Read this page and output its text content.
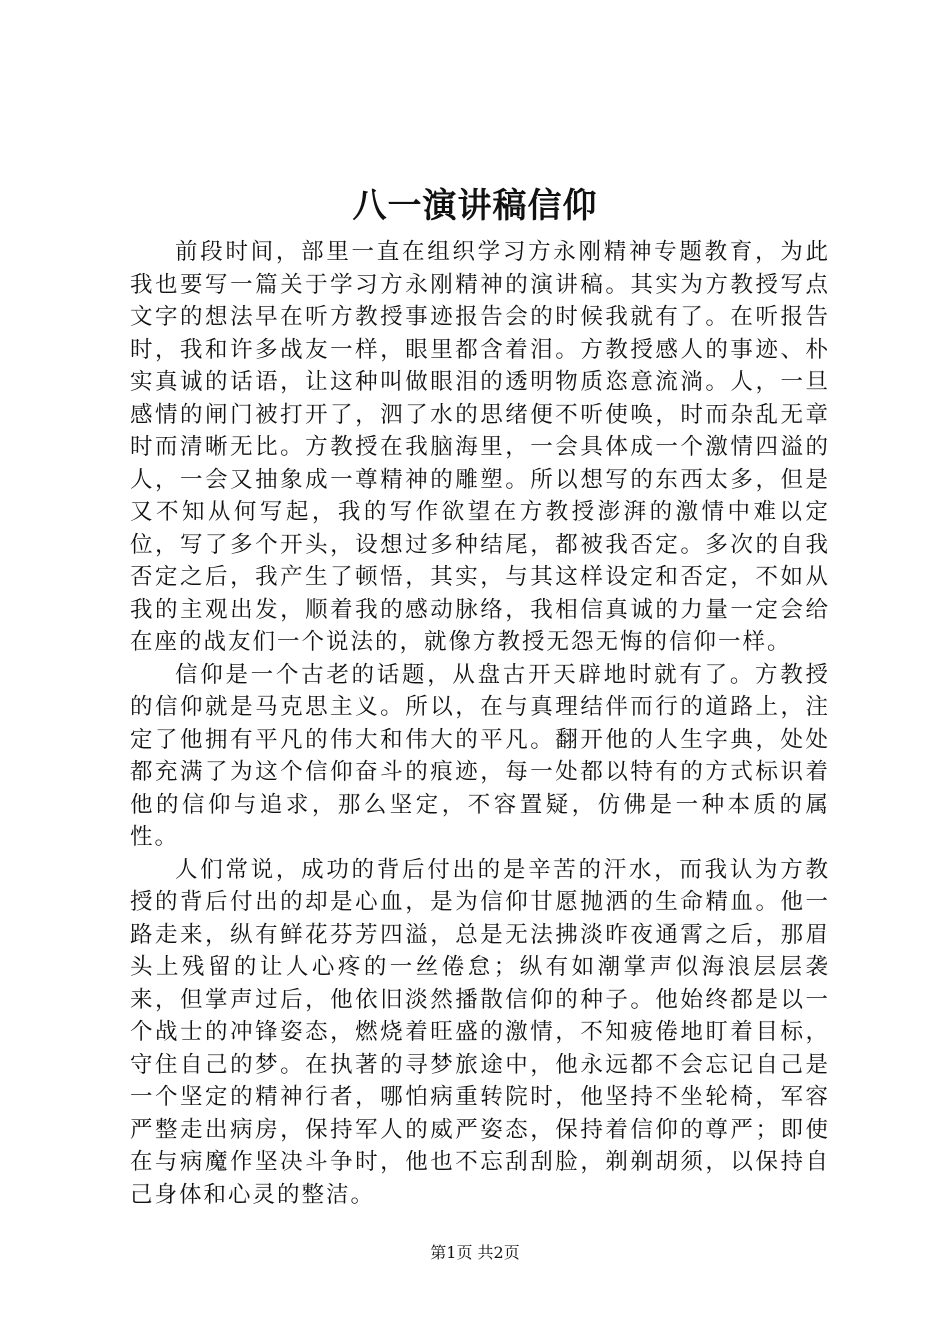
八一演讲稿信仰

前段时间，部里一直在组织学习方永刚精神专题教育，为此我也要写一篇关于学习方永刚精神的演讲稿。其实为方教授写点文字的想法早在听方教授事迹报告会的时候我就有了。在听报告时，我和许多战友一样，眼里都含着泪。方教授感人的事迹、朴实真诚的话语，让这种叫做眼泪的透明物质恣意流淌。人，一旦感情的闸门被打开了，泗了水的思绪便不听使唤，时而杂乱无章时而清晰无比。方教授在我脑海里，一会具体成一个激情四溢的人，一会又抽象成一尊精神的雕塑。所以想写的东西太多，但是又不知从何写起，我的写作欲望在方教授澎湃的激情中难以定位，写了多个开头，设想过多种结尾，都被我否定。多次的自我否定之后，我产生了顿悟，其实，与其这样设定和否定，不如从我的主观出发，顺着我的感动脉络，我相信真诚的力量一定会给在座的战友们一个说法的，就像方教授无怨无悔的信仰一样。

信仰是一个古老的话题，从盘古开天辟地时就有了。方教授的信仰就是马克思主义。所以，在与真理结伴而行的道路上，注定了他拥有平凡的伟大和伟大的平凡。翻开他的人生字典，处处都充满了为这个信仰奋斗的痕迹，每一处都以特有的方式标识着他的信仰与追求，那么坚定，不容置疑，仿佛是一种本质的属性。

人们常说，成功的背后付出的是辛苦的汗水，而我认为方教授的背后付出的却是心血，是为信仰甘愿抛洒的生命精血。他一路走来，纵有鲜花芬芳四溢，总是无法拂淡昨夜通霄之后，那眉头上残留的让人心疼的一丝倦怠；纵有如潮掌声似海浪层层袭来，但掌声过后，他依旧淡然播散信仰的种子。他始终都是以一个战士的冲锋姿态，燃烧着旺盛的激情，不知疲倦地盯着目标，守住自己的梦。在执著的寻梦旅途中，他永远都不会忘记自己是一个坚定的精神行者，哪怕病重转院时，他坚持不坐轮椅，军容严整走出病房，保持军人的威严姿态，保持着信仰的尊严；即使在与病魔作坚决斗争时，他也不忘刮刮脸，剃剃胡须，以保持自己身体和心灵的整洁。

第1页 共2页
